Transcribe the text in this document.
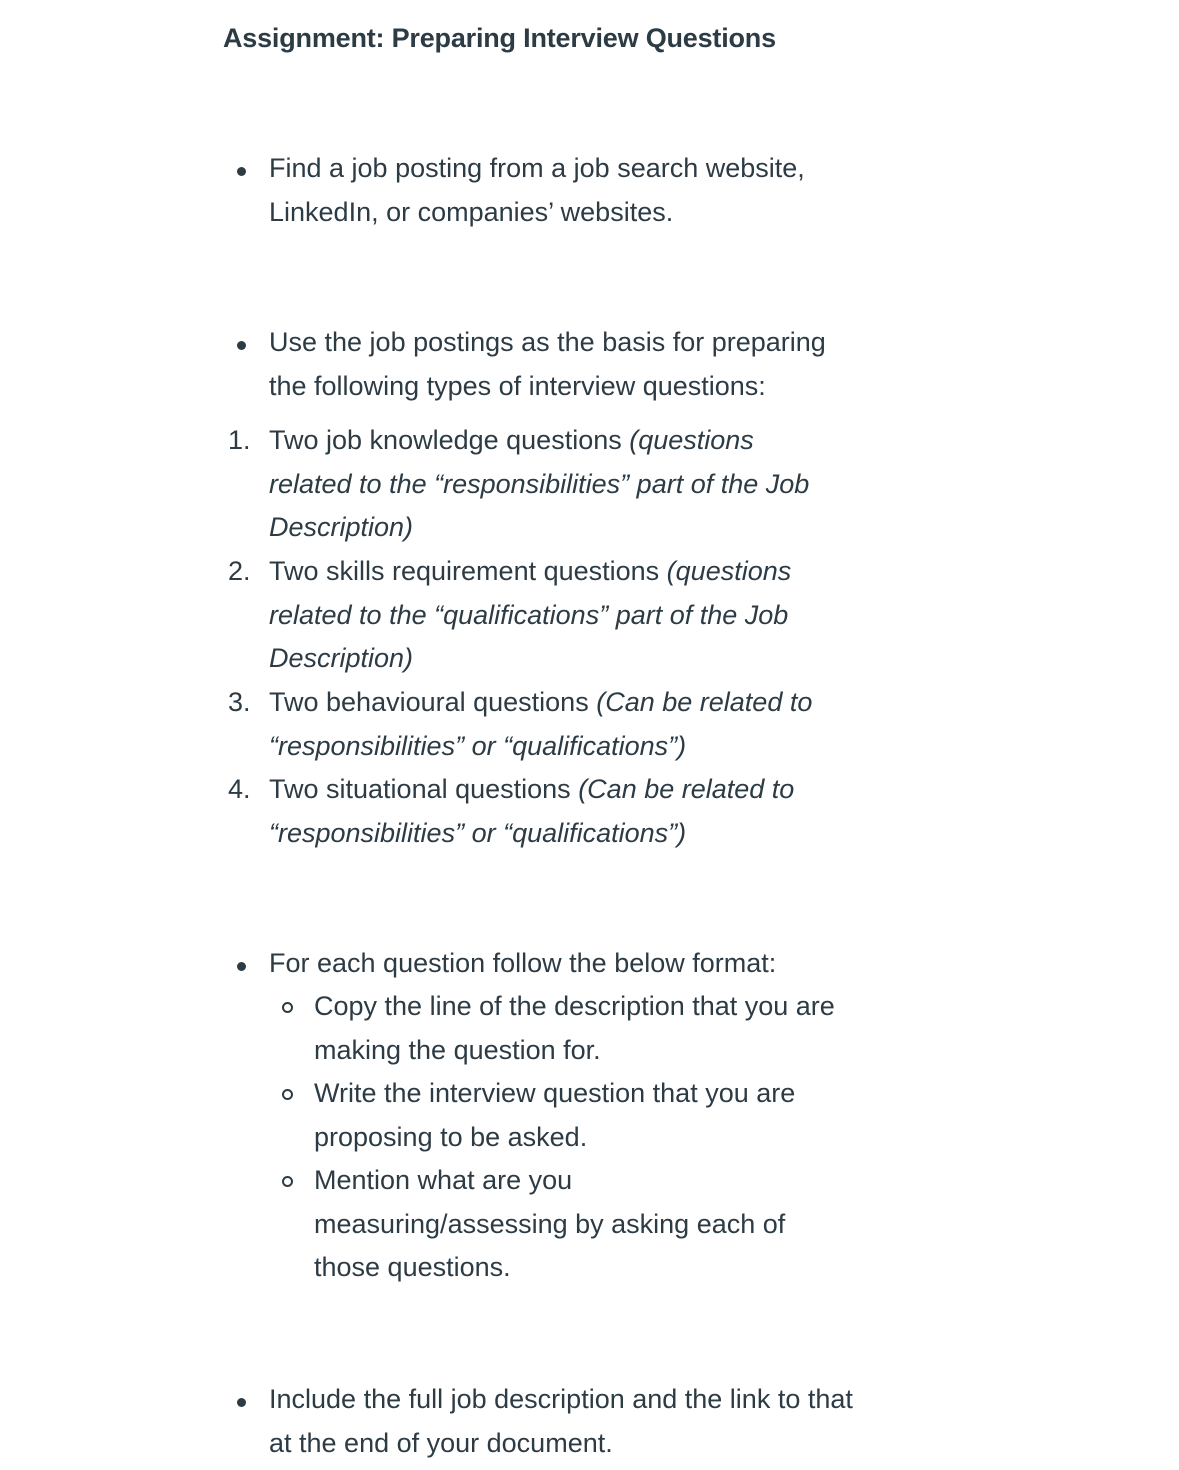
Assignment: Preparing Interview Questions

Find a job posting from a job search website, LinkedIn, or companies’ websites.

Use the job postings as the basis for preparing the following types of interview questions:

1. Two job knowledge questions (questions related to the “responsibilities” part of the Job Description)

2. Two skills requirement questions (questions related to the “qualifications” part of the Job Description)

3. Two behavioural questions (Can be related to “responsibilities” or “qualifications”)

4. Two situational questions (Can be related to “responsibilities” or “qualifications”)

For each question follow the below format:

Copy the line of the description that you are making the question for.

Write the interview question that you are proposing to be asked.

Mention what are you measuring/assessing by asking each of those questions.

Include the full job description and the link to that at the end of your document.
